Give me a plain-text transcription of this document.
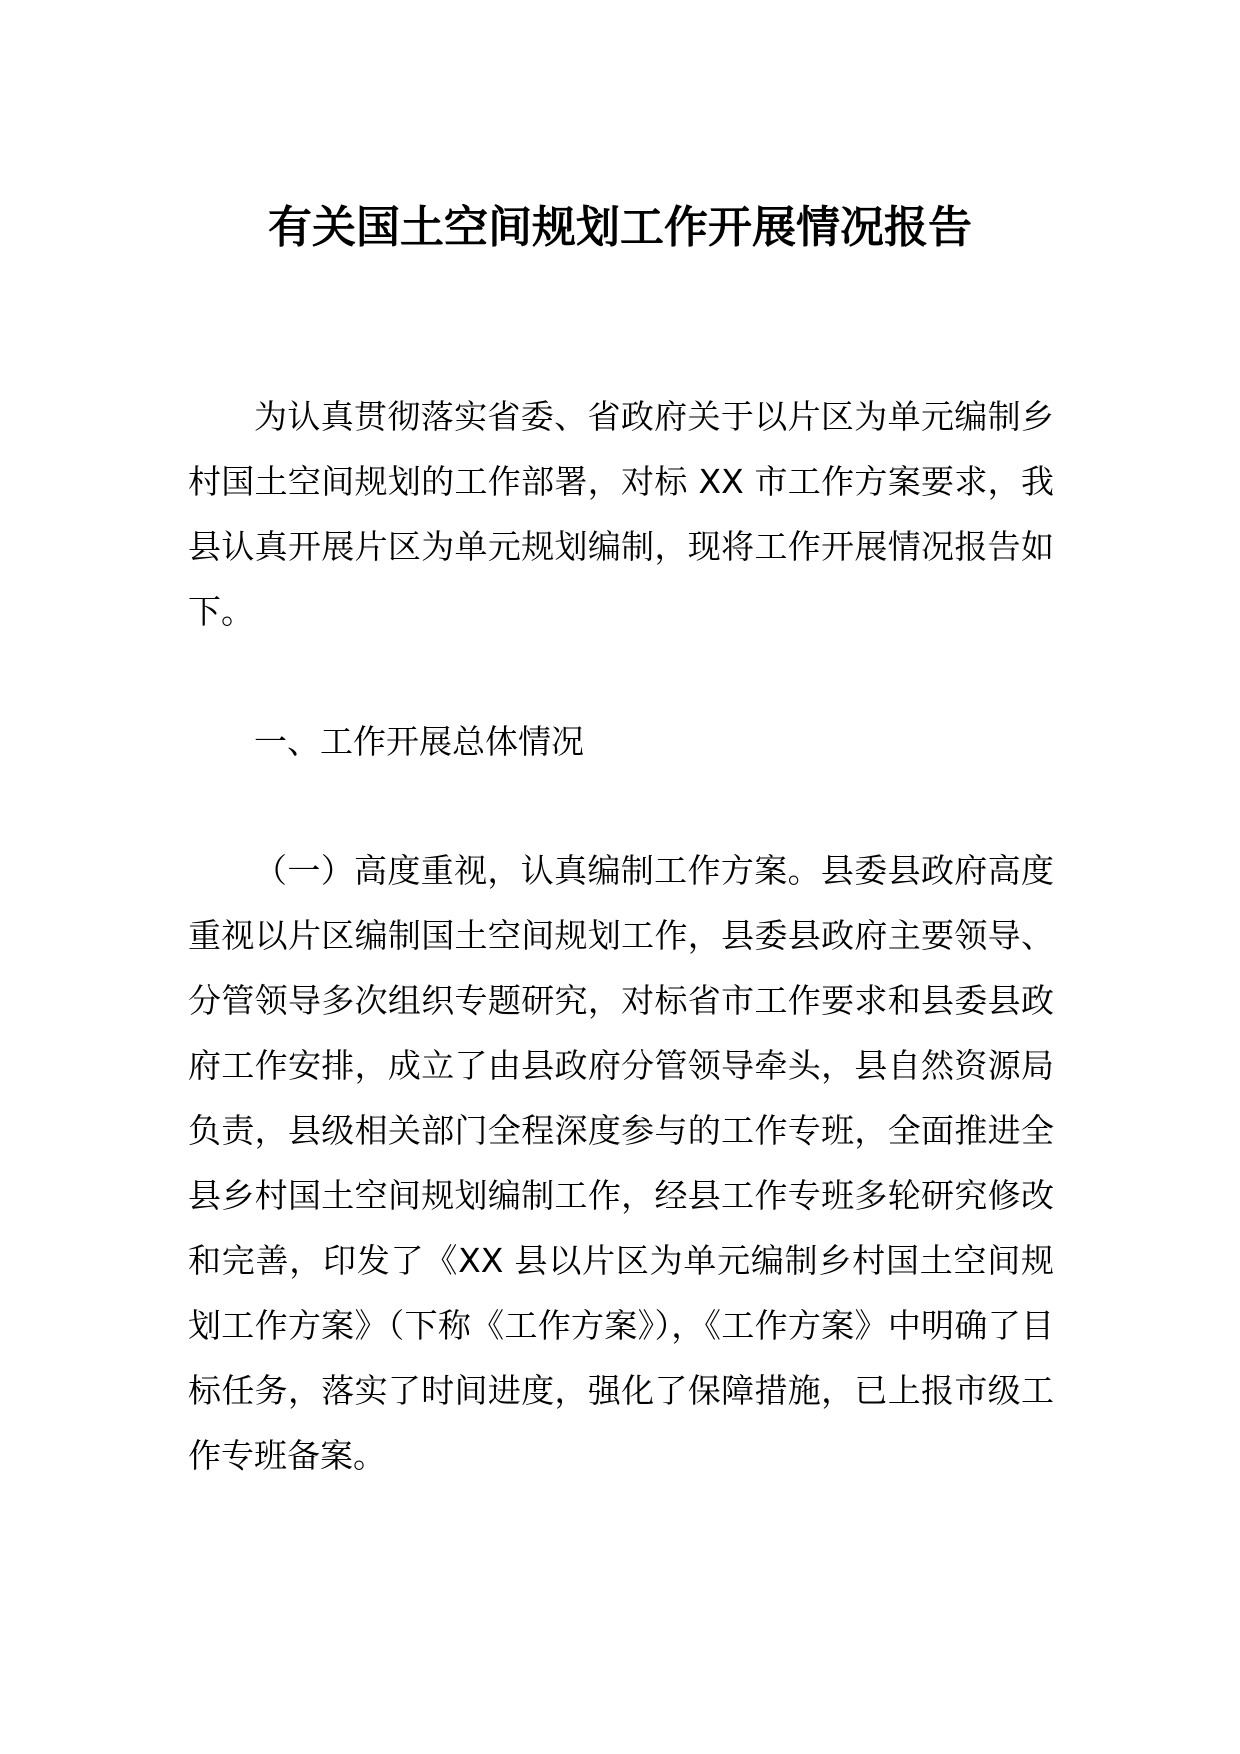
有关国土空间规划工作开展情况报告

为认真贯彻落实省委、省政府关于以片区为单元编制乡村国土空间规划的工作部署，对标 XX 市工作方案要求，我县认真开展片区为单元规划编制，现将工作开展情况报告如下。

一、工作开展总体情况

（一）高度重视，认真编制工作方案。县委县政府高度重视以片区编制国土空间规划工作，县委县政府主要领导、分管领导多次组织专题研究，对标省市工作要求和县委县政府工作安排，成立了由县政府分管领导牵头，县自然资源局负责，县级相关部门全程深度参与的工作专班，全面推进全县乡村国土空间规划编制工作，经县工作专班多轮研究修改和完善，印发了《XX 县以片区为单元编制乡村国土空间规划工作方案》（下称《工作方案》），《工作方案》中明确了目标任务，落实了时间进度，强化了保障措施，已上报市级工作专班备案。
